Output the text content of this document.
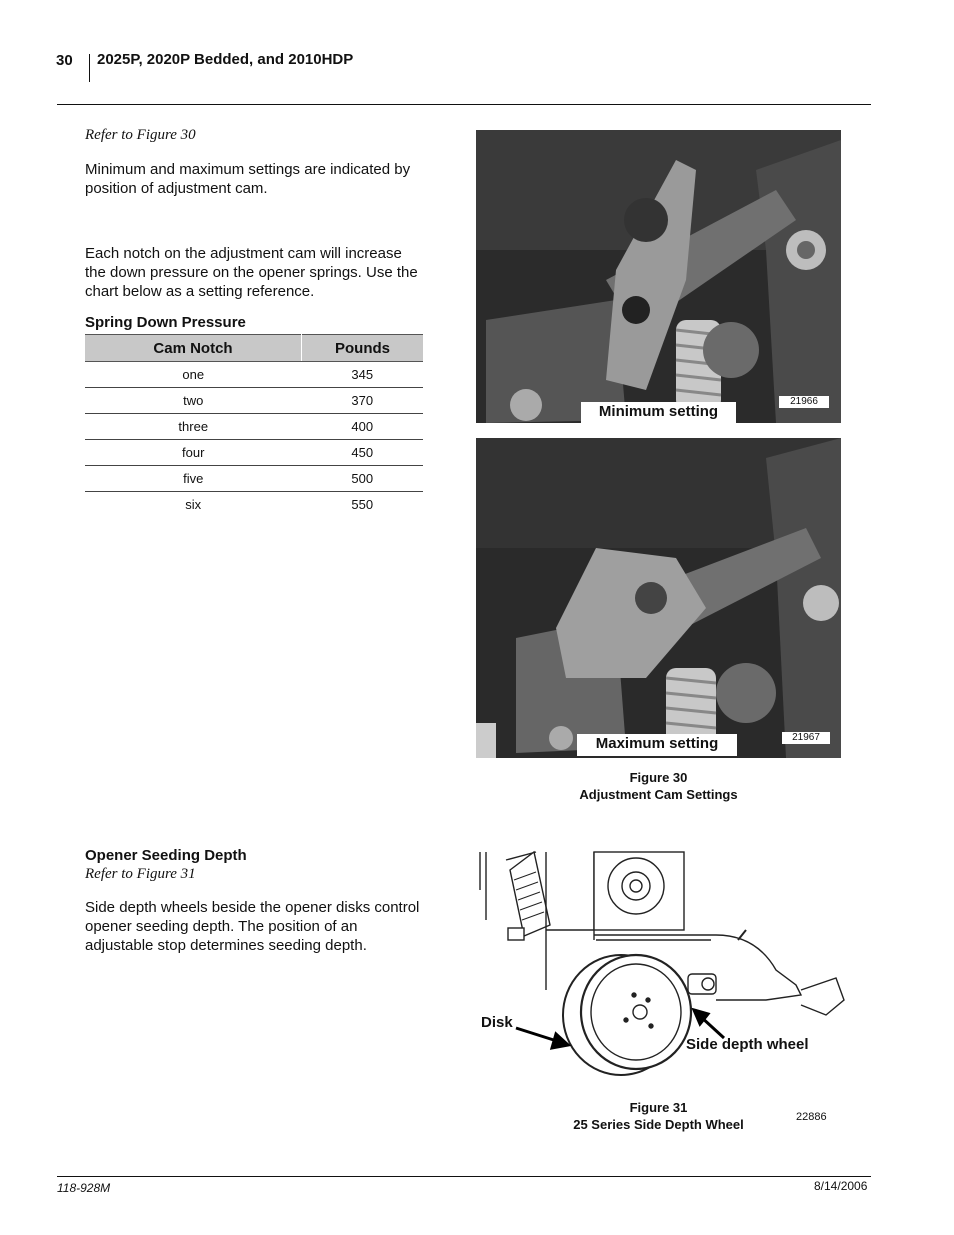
30 2025P, 2020P Bedded, and 2010HDP
Refer to Figure 30
Minimum and maximum settings are indicated by position of adjustment cam.
Each notch on the adjustment cam will increase the down pressure on the opener springs. Use the chart below as a setting reference.
Spring Down Pressure
Cam Notch	Pounds
one	345
two	370
three	400
four	450
five	500
six	550
Minimum setting
21966
Maximum setting	21967
Figure 30
Adjustment Cam Settings
Opener Seeding Depth
Refer to Figure 31
Side depth wheels beside the opener disks control opener seeding depth. The position of an adjustable stop determines seeding depth.
Disk
Side depth wheel
Figure 31
25 Series Side Depth Wheel	22886
118-928M	8/14/2006
